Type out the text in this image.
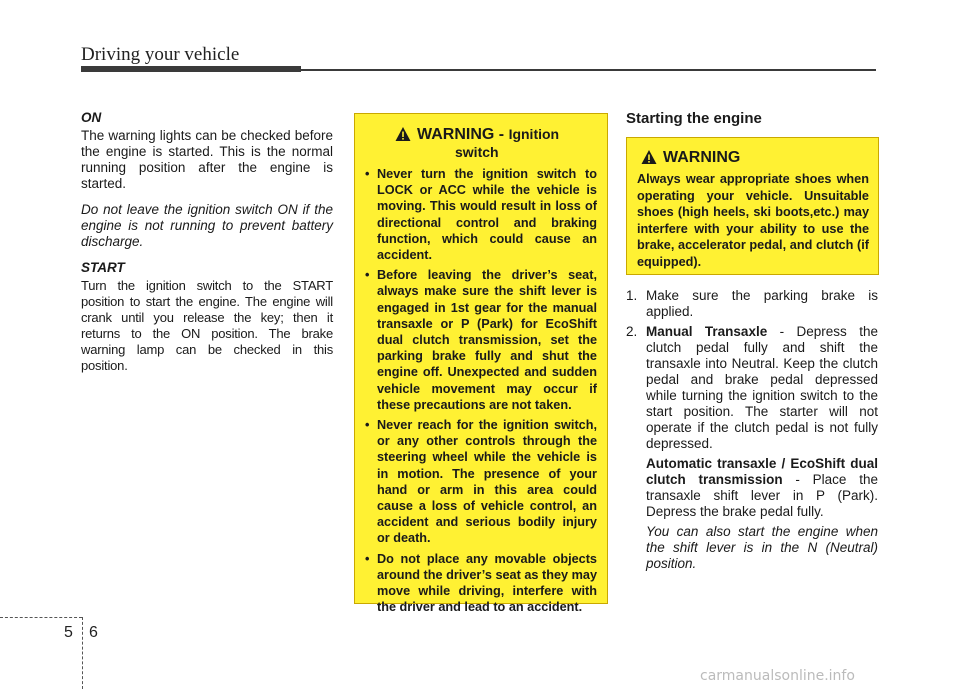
Driving your vehicle
ON

The warning lights can be checked before the engine is started. This is the normal running position after the engine is started.

Do not leave the ignition switch ON if the engine is not running to prevent battery discharge.

START

Turn the ignition switch to the START position to start the engine. The engine will crank until you release the key; then it returns to the ON position. The brake warning lamp can be checked in this position.

WARNING - Ignition
switch
• Never turn the ignition switch to LOCK or ACC while the vehicle is moving. This would result in loss of directional control and braking function, which could cause an accident.
• Before leaving the driver’s seat, always make sure the shift lever is engaged in 1st gear for the manual transaxle or P (Park) for EcoShift dual clutch transmission, set the parking brake fully and shut the engine off. Unexpected and sudden vehicle movement may occur if these precautions are not taken.
• Never reach for the ignition switch, or any other controls through the steering wheel while the vehicle is in motion. The presence of your hand or arm in this area could cause a loss of vehicle control, an accident and serious bodily injury or death.
• Do not place any movable objects around the driver’s seat as they may move while driving, interfere with the driver and lead to an accident.
Starting the engine
WARNING
Always wear appropriate shoes when operating your vehicle. Unsuitable shoes (high heels, ski boots,etc.) may interfere with your ability to use the brake, accelerator pedal, and clutch (if equipped).
1. Make sure the parking brake is applied.
2. Manual Transaxle - Depress the clutch pedal fully and shift the transaxle into Neutral. Keep the clutch pedal and brake pedal depressed while turning the ignition switch to the start position. The starter will not operate if the clutch pedal is not fully depressed.

Automatic transaxle / EcoShift dual clutch transmission - Place the transaxle shift lever in P (Park). Depress the brake pedal fully.

You can also start the engine when the shift lever is in the N (Neutral) position.

5 6
carmanualsonline.info
